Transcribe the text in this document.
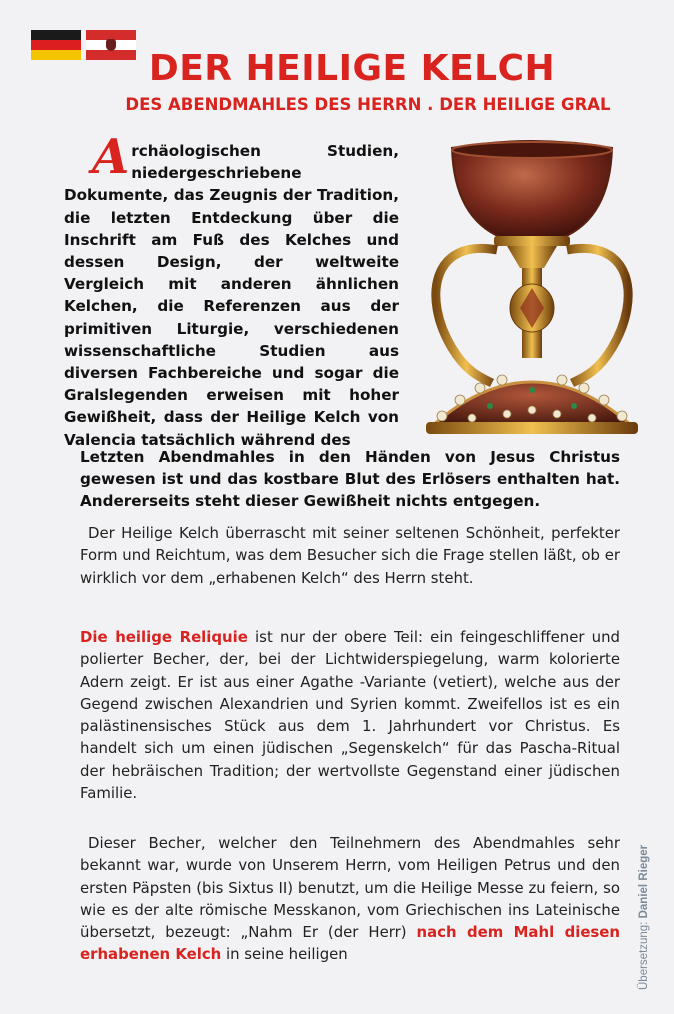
DER HEILIGE KELCH
DES ABENDMAHLES DES HERRN . DER HEILIGE GRAL
Archäologischen Studien, niedergeschriebene Dokumente, das Zeugnis der Tradition, die letzten Entdeckung über die Inschrift am Fuß des Kelches und dessen Design, der weltweite Vergleich mit anderen ähnlichen Kelchen, die Referenzen aus der primitiven Liturgie, verschiedenen wissenschaftliche Studien aus diversen Fachbereiche und sogar die Gralslegenden erweisen mit hoher Gewißheit, dass der Heilige Kelch von Valencia tatsächlich während des
Letzten Abendmahles in den Händen von Jesus Christus gewesen ist und das kostbare Blut des Erlösers enthalten hat. Andererseits steht dieser Gewißheit nichts entgegen.
Der Heilige Kelch überrascht mit seiner seltenen Schönheit, perfekter Form und Reichtum, was dem Besucher sich die Frage stellen läßt, ob er wirklich vor dem „erhabenen Kelch“ des Herrn steht.
Die heilige Reliquie ist nur der obere Teil: ein feingeschliffener und polierter Becher, der, bei der Lichtwiderspiegelung, warm kolorierte Adern zeigt. Er ist aus einer Agathe -Variante (vetiert), welche aus der Gegend zwischen Alexandrien und Syrien kommt. Zweifellos ist es ein palästinensisches Stück aus dem 1. Jahrhundert vor Christus. Es handelt sich um einen jüdischen „Segenskelch“ für das Pascha-Ritual der hebräischen Tradition; der wertvollste Gegenstand einer jüdischen Familie.
Dieser Becher, welcher den Teilnehmern des Abendmahles sehr bekannt war, wurde von Unserem Herrn, vom Heiligen Petrus und den ersten Päpsten (bis Sixtus II) benutzt, um die Heilige Messe zu feiern, so wie es der alte römische Messkanon, vom Griechischen ins Lateinische übersetzt, bezeugt: „Nahm Er (der Herr) nach dem Mahl diesen erhabenen Kelch in seine heiligen	Übersetzung: Daniel Rieger
